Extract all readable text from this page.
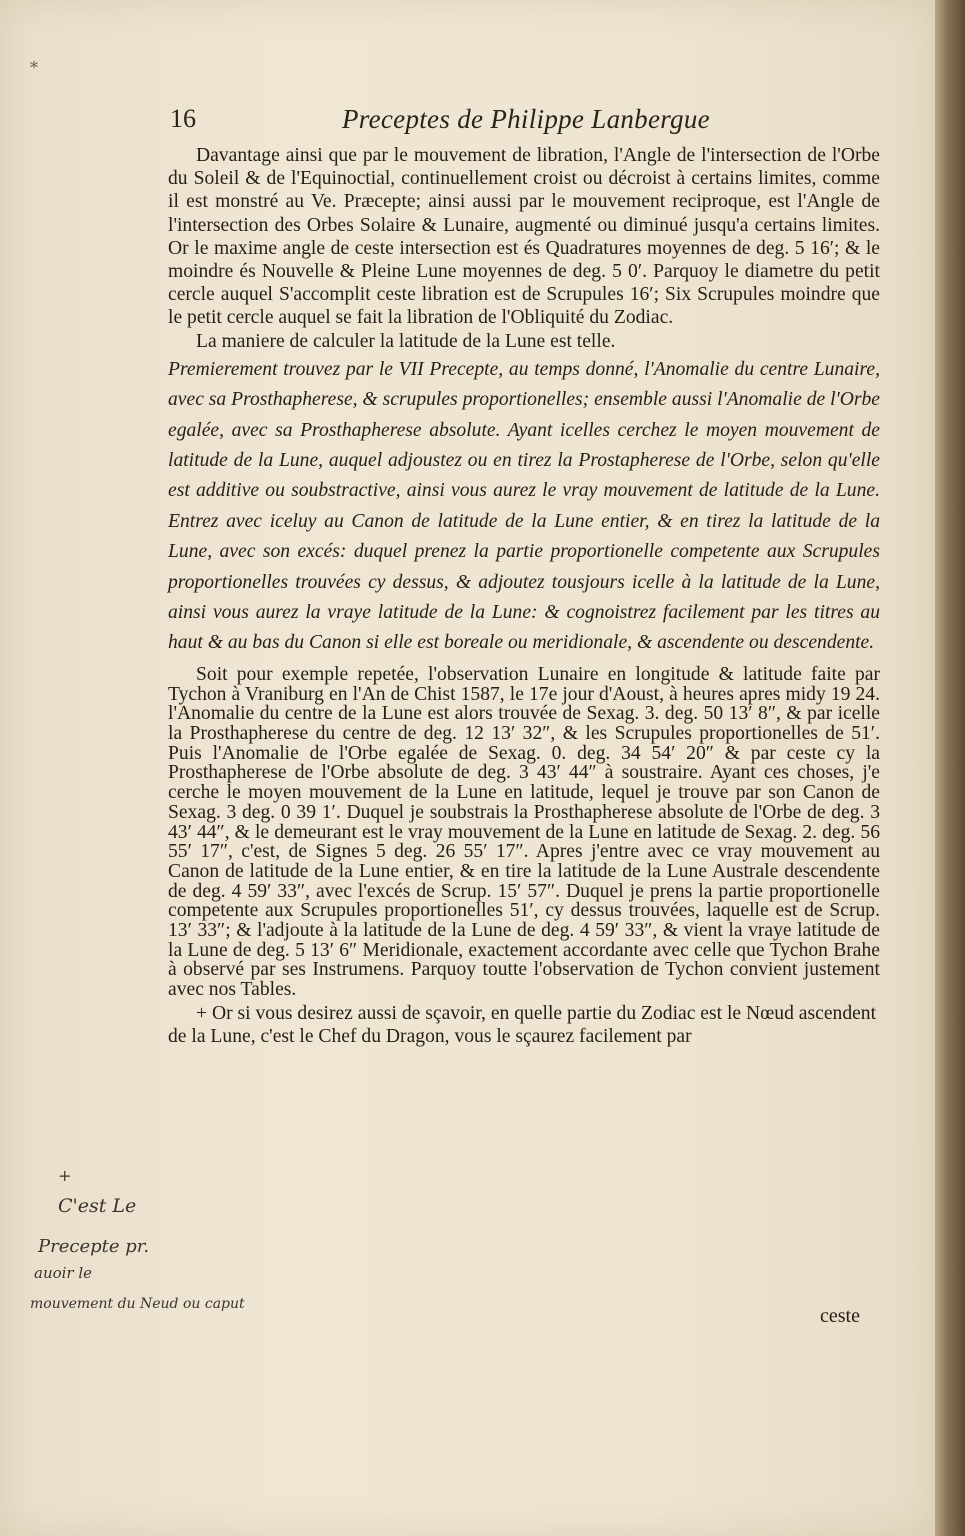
*
16	Preceptes de Philippe Lanbergue

Davantage ainsi que par le mouvement de libration, l'Angle de l'intersection de l'Orbe du Soleil & de l'Equinoctial, continuellement croist ou décroist à certains limites, comme il est monstré au Ve. Præcepte; ainsi aussi par le mouvement reciproque, est l'Angle de l'intersection des Orbes Solaire & Lunaire, augmenté ou diminué jusqu'a certains limites. Or le maxime angle de ceste intersection est és Quadratures moyennes de deg. 5 16′; & le moindre és Nouvelle & Pleine Lune moyennes de deg. 5 0′. Parquoy le diametre du petit cercle auquel S'accomplit ceste libration est de Scrupules 16′; Six Scrupules moindre que le petit cercle auquel se fait la libration de l'Obliquité du Zodiac.

La maniere de calculer la latitude de la Lune est telle.

Premierement trouvez par le VII Precepte, au temps donné, l'Anomalie du centre Lunaire, avec sa Prosthapherese, & scrupules proportionelles; ensemble aussi l'Anomalie de l'Orbe egalée, avec sa Prosthapherese absolute. Ayant icelles cerchez le moyen mouvement de latitude de la Lune, auquel adjoustez ou en tirez la Prostapherese de l'Orbe, selon qu'elle est additive ou soubstractive, ainsi vous aurez le vray mouvement de latitude de la Lune. Entrez avec iceluy au Canon de latitude de la Lune entier, & en tirez la latitude de la Lune, avec son excés: duquel prenez la partie proportionelle competente aux Scrupules proportionelles trouvées cy dessus, & adjoutez tousjours icelle à la latitude de la Lune, ainsi vous aurez la vraye latitude de la Lune: & cognoistrez facilement par les titres au haut & au bas du Canon si elle est boreale ou meridionale, & ascendente ou descendente.

Soit pour exemple repetée, l'observation Lunaire en longitude & latitude faite par Tychon à Vraniburg en l'An de Chist 1587, le 17e jour d'Aoust, à heures apres midy 19 24. l'Anomalie du centre de la Lune est alors trouvée de Sexag. 3. deg. 50 13′ 8″, & par icelle la Prosthapherese du centre de deg. 12 13′ 32″, & les Scrupules proportionelles de 51′. Puis l'Anomalie de l'Orbe egalée de Sexag. 0. deg. 34 54′ 20″ & par ceste cy la Prosthapherese de l'Orbe absolute de deg. 3 43′ 44″ à soustraire. Ayant ces choses, j'e cerche le moyen mouvement de la Lune en latitude, lequel je trouve par son Canon de Sexag. 3 deg. 0 39 1′. Duquel je soubstrais la Prosthapherese absolute de l'Orbe de deg. 3 43′ 44″, & le demeurant est le vray mouvement de la Lune en latitude de Sexag. 2. deg. 56 55′ 17″, c'est, de Signes 5 deg. 26 55′ 17″. Apres j'entre avec ce vray mouvement au Canon de latitude de la Lune entier, & en tire la latitude de la Lune Australe descendente de deg. 4 59′ 33″, avec l'excés de Scrup. 15′ 57″. Duquel je prens la partie proportionelle competente aux Scrupules proportionelles 51′, cy dessus trouvées, laquelle est de Scrup. 13′ 33″; & l'adjoute à la latitude de la Lune de deg. 4 59′ 33″, & vient la vraye latitude de la Lune de deg. 5 13′ 6″ Meridionale, exactement accordante avec celle que Tychon Brahe à observé par ses Instrumens. Parquoy toutte l'observation de Tychon convient justement avec nos Tables.

+ Or si vous desirez aussi de sçavoir, en quelle partie du Zodiac est le Nœud ascendent de la Lune, c'est le Chef du Dragon, vous le sçaurez facilement par

ceste
+
C'est Le
Precepte pr.
auoir le
mouvement du Neud ou caput
